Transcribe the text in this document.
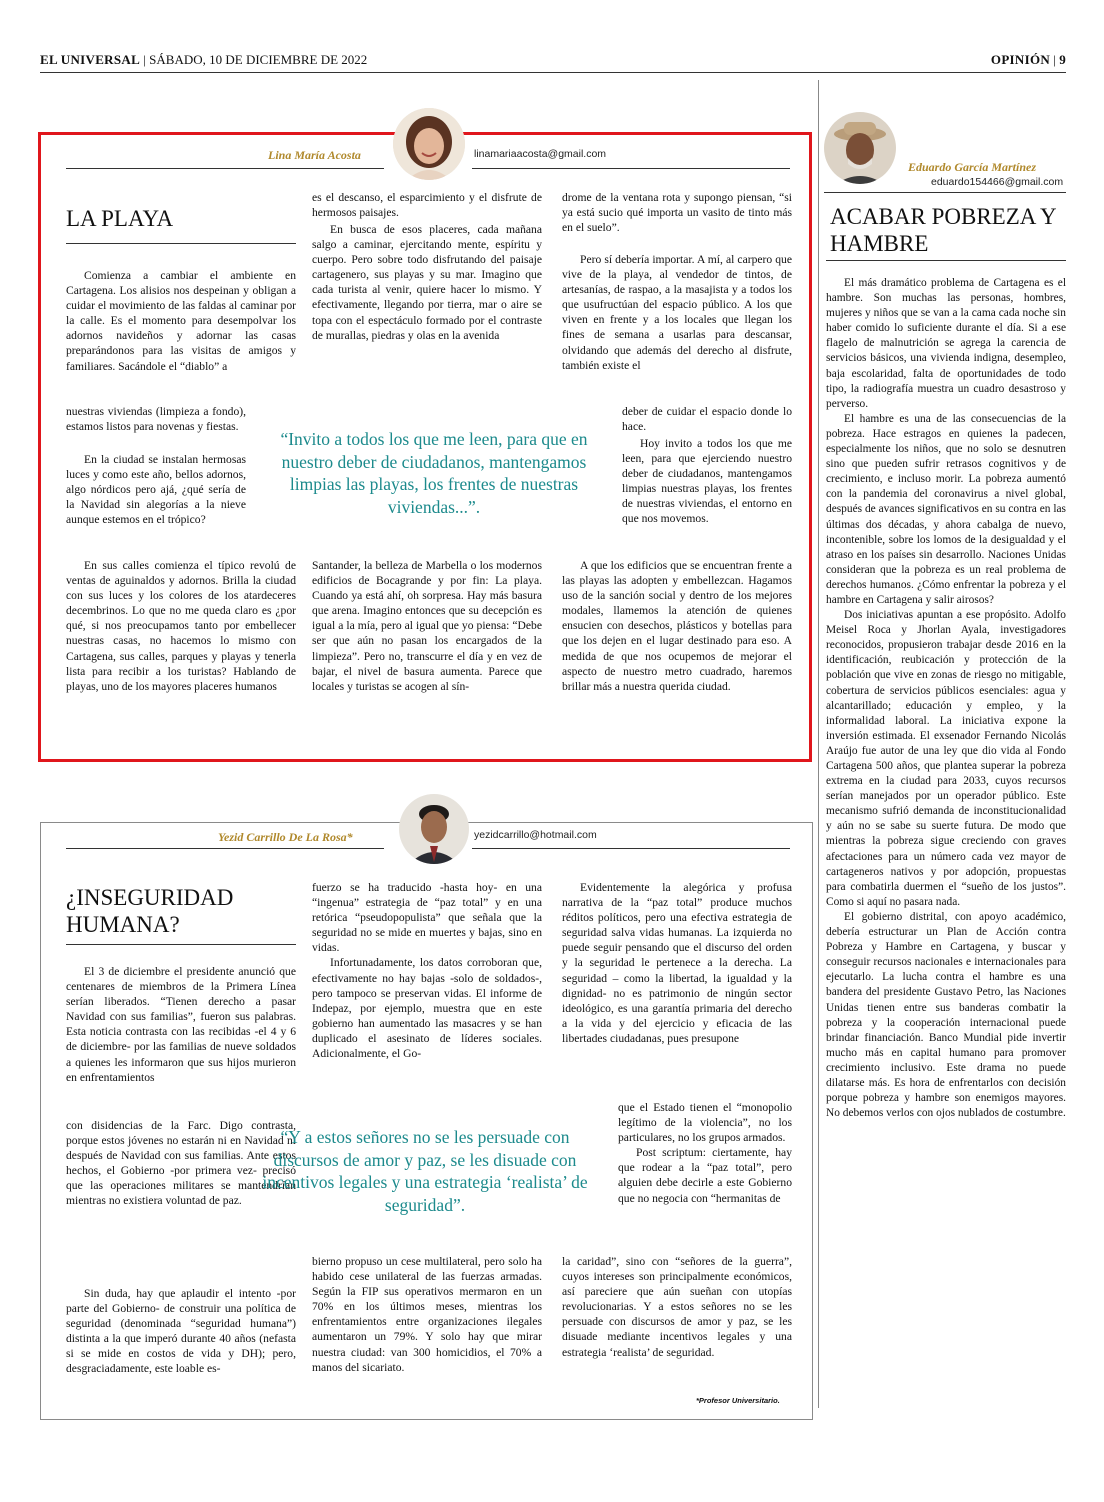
EL UNIVERSAL | SÁBADO, 10 DE DICIEMBRE DE 2022	OPINIÓN | 9
Lina María Acosta	linamariaacosta@gmail.com
LA PLAYA

Comienza a cambiar el ambiente en Cartagena. Los alisios nos despeinan y obligan a cuidar el movimiento de las faldas al caminar por la calle. Es el momento para desempolvar los adornos navideños y adornar las casas preparándonos para las visitas de amigos y familiares. Sacándole el “diablo” a

nuestras viviendas (limpieza a fondo), estamos listos para novenas y fiestas.

En la ciudad se instalan hermosas luces y como este año, bellos adornos, algo nórdicos pero ajá, ¿qué sería de la Navidad sin alegorías a la nieve aunque estemos en el trópico?

En sus calles comienza el típico revolú de ventas de aguinaldos y adornos. Brilla la ciudad con sus luces y los colores de los atardeceres decembrinos. Lo que no me queda claro es ¿por qué, si nos preocupamos tanto por embellecer nuestras casas, no hacemos lo mismo con Cartagena, sus calles, parques y playas y tenerla lista para recibir a los turistas? Hablando de playas, uno de los mayores placeres humanos

es el descanso, el esparcimiento y el disfrute de hermosos paisajes.

En busca de esos placeres, cada mañana salgo a caminar, ejercitando mente, espíritu y cuerpo. Pero sobre todo disfrutando del paisaje cartagenero, sus playas y su mar. Imagino que cada turista al venir, quiere hacer lo mismo. Y efectivamente, llegando por tierra, mar o aire se topa con el espectáculo formado por el contraste de murallas, piedras y olas en la avenida

Santander, la belleza de Marbella o los modernos edificios de Bocagrande y por fin: La playa. Cuando ya está ahí, oh sorpresa. Hay más basura que arena. Imagino entonces que su decepción es igual a la mía, pero al igual que yo piensa: “Debe ser que aún no pasan los encargados de la limpieza”. Pero no, transcurre el día y en vez de bajar, el nivel de basura aumenta. Parece que locales y turistas se acogen al sín-

drome de la ventana rota y supongo piensan, “si ya está sucio qué importa un vasito de tinto más en el suelo”.

Pero sí debería importar. A mí, al carpero que vive de la playa, al vendedor de tintos, de artesanías, de raspao, a la masajista y a todos los que usufructúan del espacio público. A los que viven en frente y a los locales que llegan los fines de semana a usarlas para descansar, olvidando que además del derecho al disfrute, también existe el

deber de cuidar el espacio donde lo hace.

Hoy invito a todos los que me leen, para que ejerciendo nuestro deber de ciudadanos, mantengamos limpias nuestras playas, los frentes de nuestras viviendas, el entorno en que nos movemos.

A que los edificios que se encuentran frente a las playas las adopten y embellezcan. Hagamos uso de la sanción social y dentro de los mejores modales, llamemos la atención de quienes ensucien con desechos, plásticos y botellas para que los dejen en el lugar destinado para eso. A medida de que nos ocupemos de mejorar el aspecto de nuestro metro cuadrado, haremos brillar más a nuestra querida ciudad.

“Invito a todos los que me leen, para que en nuestro deber de ciudadanos, mantengamos limpias las playas, los frentes de nuestras viviendas...”.
Eduardo García Martínez
eduardo154466@gmail.com
ACABAR POBREZA Y HAMBRE

El más dramático problema de Cartagena es el hambre. Son muchas las personas, hombres, mujeres y niños que se van a la cama cada noche sin haber comido lo suficiente durante el día. Si a ese flagelo de malnutrición se agrega la carencia de servicios básicos, una vivienda indigna, desempleo, baja escolaridad, falta de oportunidades de todo tipo, la radiografía muestra un cuadro desastroso y perverso.

El hambre es una de las consecuencias de la pobreza. Hace estragos en quienes la padecen, especialmente los niños, que no solo se desnutren sino que pueden sufrir retrasos cognitivos y de crecimiento, e incluso morir. La pobreza aumentó con la pandemia del coronavirus a nivel global, después de avances significativos en su contra en las últimas dos décadas, y ahora cabalga de nuevo, incontenible, sobre los lomos de la desigualdad y el atraso en los países sin desarrollo. Naciones Unidas consideran que la pobreza es un real problema de derechos humanos. ¿Cómo enfrentar la pobreza y el hambre en Cartagena y salir airosos?

Dos iniciativas apuntan a ese propósito. Adolfo Meisel Roca y Jhorlan Ayala, investigadores reconocidos, propusieron trabajar desde 2016 en la identificación, reubicación y protección de la población que vive en zonas de riesgo no mitigable, cobertura de servicios públicos esenciales: agua y alcantarillado; educación y empleo, y la informalidad laboral. La iniciativa expone la inversión estimada. El exsenador Fernando Nicolás Araújo fue autor de una ley que dio vida al Fondo Cartagena 500 años, que plantea superar la pobreza extrema en la ciudad para 2033, cuyos recursos serían manejados por un operador público. Este mecanismo sufrió demanda de inconstitucionalidad y aún no se sabe su suerte futura. De modo que mientras la pobreza sigue creciendo con graves afectaciones para un número cada vez mayor de cartageneros nativos y por adopción, propuestas para combatirla duermen el “sueño de los justos”. Como si aquí no pasara nada.

El gobierno distrital, con apoyo académico, debería estructurar un Plan de Acción contra Pobreza y Hambre en Cartagena, y buscar y conseguir recursos nacionales e internacionales para ejecutarlo. La lucha contra el hambre es una bandera del presidente Gustavo Petro, las Naciones Unidas tienen entre sus banderas combatir la pobreza y la cooperación internacional puede brindar financiación. Banco Mundial pide invertir mucho más en capital humano para promover crecimiento inclusivo. Este drama no puede dilatarse más. Es hora de enfrentarlos con decisión porque pobreza y hambre son enemigos mayores. No debemos verlos con ojos nublados de costumbre.

Yezid Carrillo De La Rosa*	yezidcarrillo@hotmail.com
¿INSEGURIDAD HUMANA?

El 3 de diciembre el presidente anunció que centenares de miembros de la Primera Línea serían liberados. “Tienen derecho a pasar Navidad con sus familias”, fueron sus palabras. Esta noticia contrasta con las recibidas -el 4 y 6 de diciembre- por las familias de nueve soldados a quienes les informaron que sus hijos murieron en enfrentamientos

con disidencias de la Farc. Digo contrasta, porque estos jóvenes no estarán ni en Navidad ni después de Navidad con sus familias. Ante estos hechos, el Gobierno -por primera vez- precisó que las operaciones militares se mantendrían mientras no existiera voluntad de paz.

Sin duda, hay que aplaudir el intento -por parte del Gobierno- de construir una política de seguridad (denominada “seguridad humana”) distinta a la que imperó durante 40 años (nefasta si se mide en costos de vida y DH); pero, desgraciadamente, este loable es-

fuerzo se ha traducido -hasta hoy- en una “ingenua” estrategia de “paz total” y en una retórica “pseudopopulista” que señala que la seguridad no se mide en muertes y bajas, sino en vidas.

Infortunadamente, los datos corroboran que, efectivamente no hay bajas -solo de soldados-, pero tampoco se preservan vidas. El informe de Indepaz, por ejemplo, muestra que en este gobierno han aumentado las masacres y se han duplicado el asesinato de líderes sociales. Adicionalmente, el Go-

bierno propuso un cese multilateral, pero solo ha habido cese unilateral de las fuerzas armadas. Según la FIP sus operativos mermaron en un 70% en los últimos meses, mientras los enfrentamientos entre organizaciones ilegales aumentaron un 79%. Y solo hay que mirar nuestra ciudad: van 300 homicidios, el 70% a manos del sicariato.

Evidentemente la alegórica y profusa narrativa de la “paz total” produce muchos réditos políticos, pero una efectiva estrategia de seguridad salva vidas humanas. La izquierda no puede seguir pensando que el discurso del orden y la seguridad le pertenece a la derecha. La seguridad – como la libertad, la igualdad y la dignidad- no es patrimonio de ningún sector ideológico, es una garantía primaria del derecho a la vida y del ejercicio y eficacia de las libertades ciudadanas, pues presupone

que el Estado tienen el “monopolio legítimo de la violencia”, no los particulares, no los grupos armados.

Post scriptum: ciertamente, hay que rodear a la “paz total”, pero alguien debe decirle a este Gobierno que no negocia con “hermanitas de

la caridad”, sino con “señores de la guerra”, cuyos intereses son principalmente económicos, así pareciere que aún sueñan con utopías revolucionarias. Y a estos señores no se les persuade con discursos de amor y paz, se les disuade mediante incentivos legales y una estrategia ‘realista’ de seguridad.

*Profesor Universitario.
“Y a estos señores no se les persuade con discursos de amor y paz, se les disuade con incentivos legales y una estrategia ‘realista’ de seguridad”.
